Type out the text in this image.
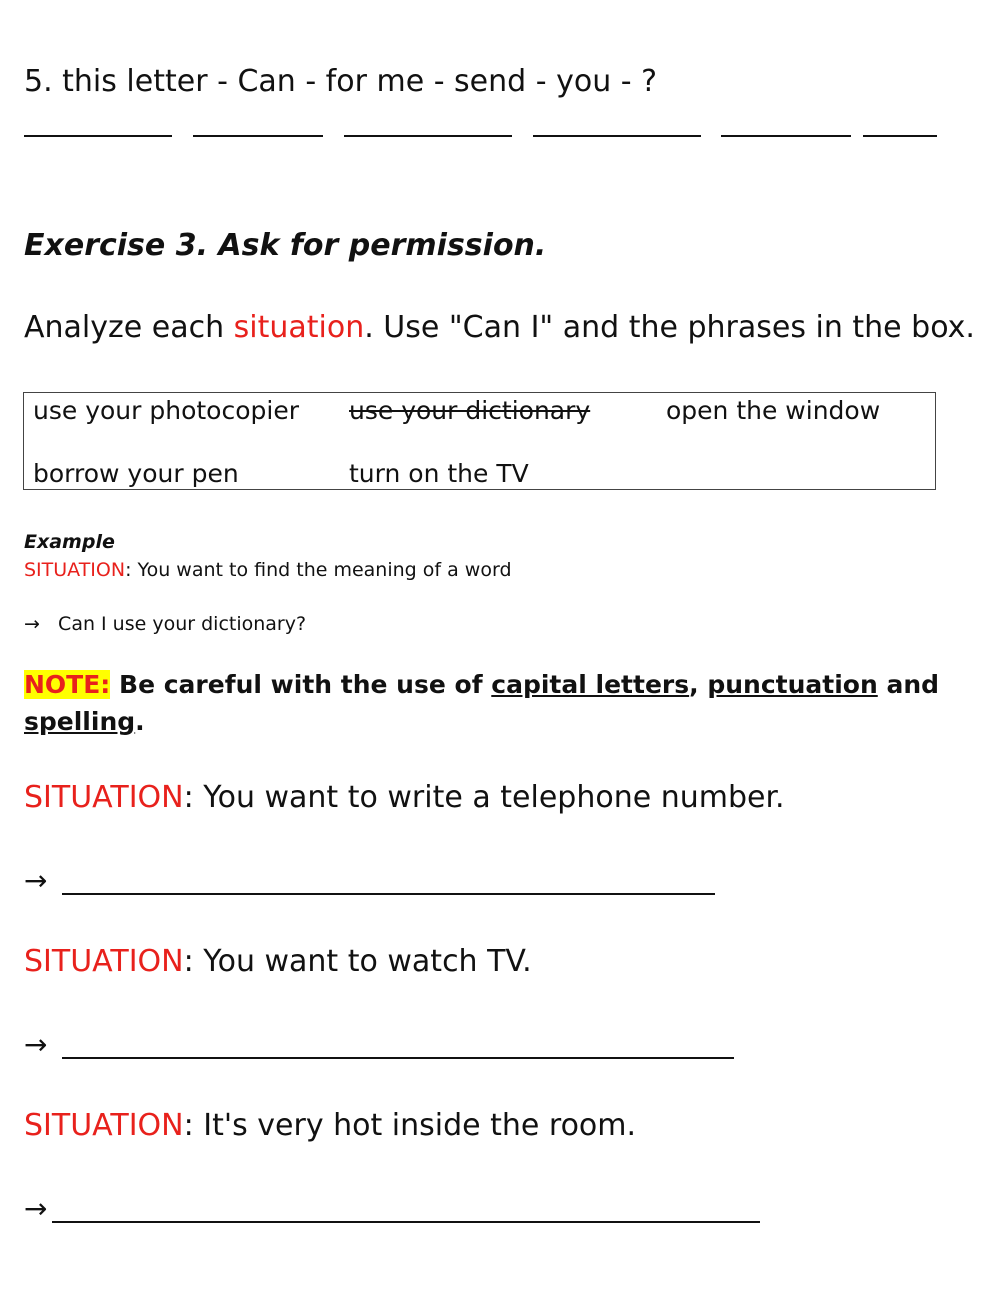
5. this letter - Can - for me - send - you - ?
Exercise 3. Ask for permission.
Analyze each situation. Use "Can I" and the phrases in the box.
use your photocopier use your dictionary	open the window
borrow your pen	turn on the TV
Example
SITUATION: You want to find the meaning of a word
→ Can I use your dictionary?
NOTE: Be careful with the use of capital letters, punctuation and
spelling.
SITUATION: You want to write a telephone number.
→
SITUATION: You want to watch TV.
→
SITUATION: It's very hot inside the room.
→
